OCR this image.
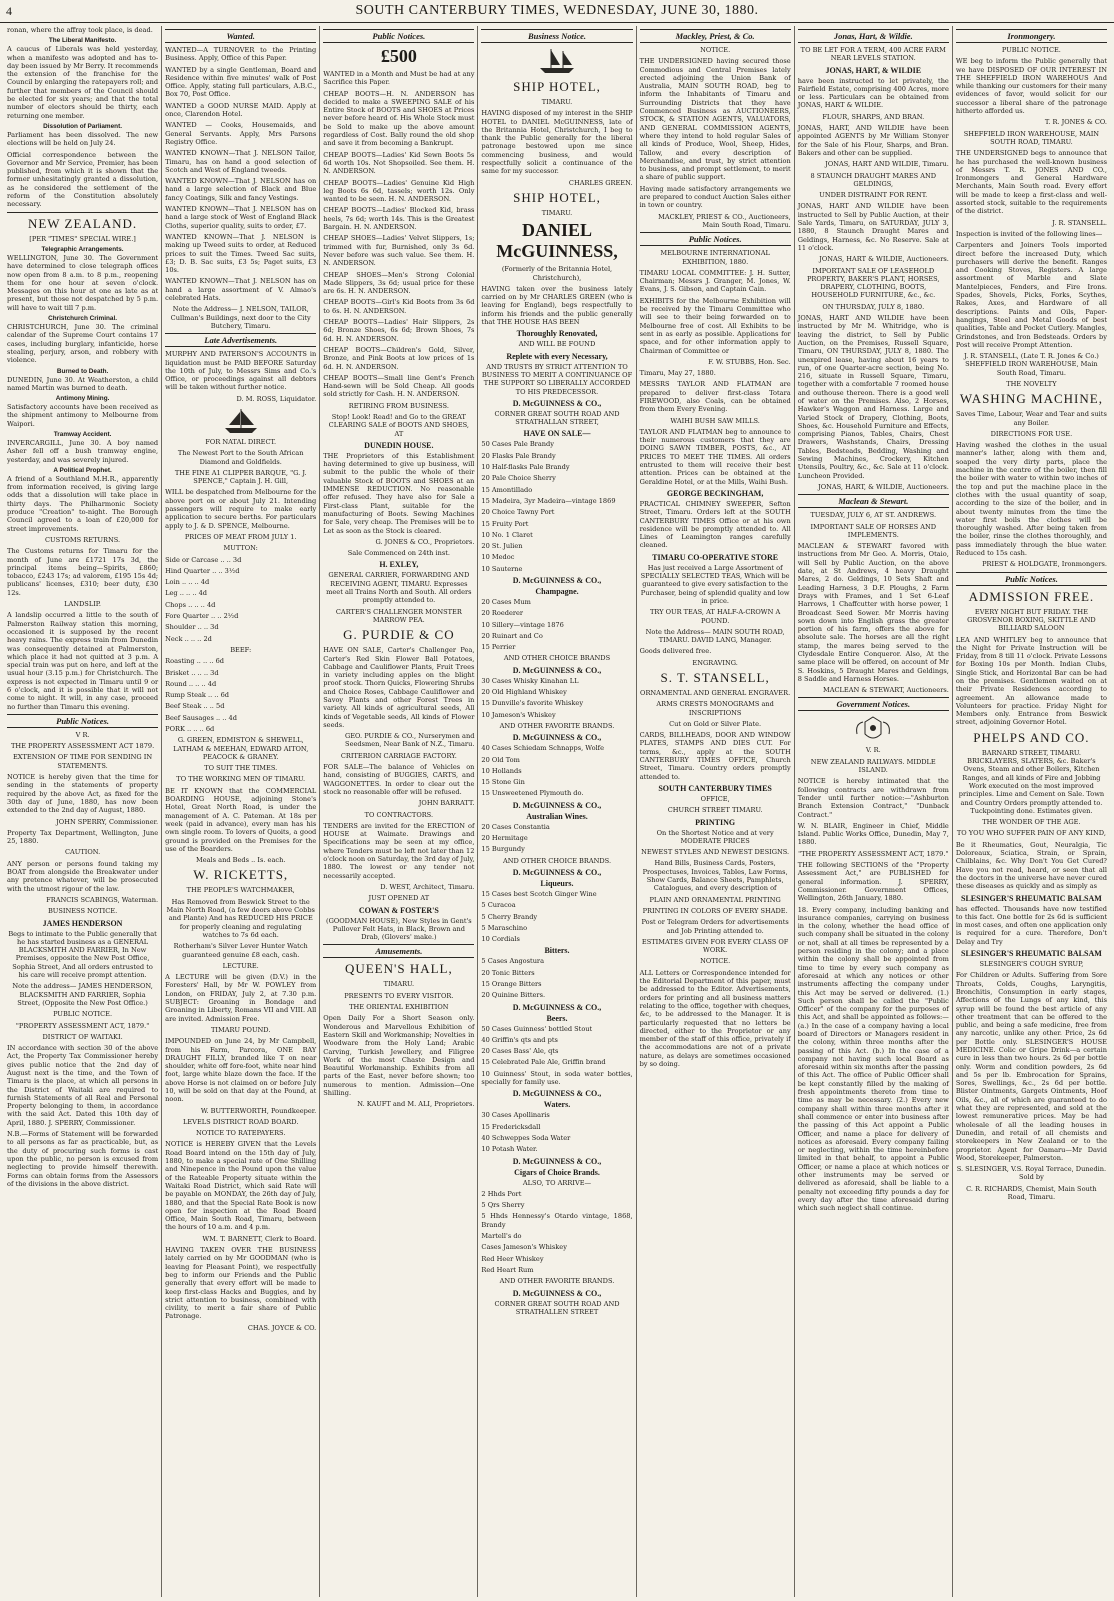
4	SOUTH CANTERBURY TIMES, WEDNESDAY, JUNE 30, 1880.

ronan, where the affray took place, is dead.

The Liberal Manifesto.

A caucus of Liberals was held yesterday, when a manifesto was adopted and has to-day been issued by Mr Berry. It recommends the extension of the franchise for the Council by enlarging the ratepayers roll; and further that members of the Council should be elected for six years; and that the total number of electors should be thirty, each returning one member.

Dissolution of Parliament.

Parliament has been dissolved. The new elections will be held on July 24.

Official correspondence between the Governor and Mr Service, Premier, has been published, from which it is shown that the former unhesitatingly granted a dissolution, as he considered the settlement of the reform of the Constitution absolutely necessary.

NEW ZEALAND.
[PER "TIMES" SPECIAL WIRE.]
Telegraphic Arrangements.

WELLINGTON, June 30. The Government have determined to close telegraph offices now open from 8 a.m. to 8 p.m., reopening them for one hour at seven o'clock. Messages on this hour at one as late as at present, but those not despatched by 5 p.m. will have to wait till 7 p.m.

Christchurch Criminal.

CHRISTCHURCH, June 30. The criminal calendar of the Supreme Court contains 17 cases, including burglary, infanticide, horse stealing, perjury, arson, and robbery with violence.

Burned to Death.

DUNEDIN, June 30. At Weatherston, a child named Martin was burned to death.

Antimony Mining.

Satisfactory accounts have been received as the shipment antimony to Melbourne from Waipori.

Tramway Accident.

INVERCARGILL, June 30. A boy named Asher fell off a bush tramway engine, yesterday, and was severely injured.

A Political Prophet.

A friend of a Southland M.H.R., apparently from information received, is giving large odds that a dissolution will take place in thirty days. The Philharmonic Society produce "Creation" to-night. The Borough Council agreed to a loan of £20,000 for street improvements.

CUSTOMS RETURNS.

The Customs returns for Timaru for the month of June are £1721 17s 3d, the principal items being—Spirits, £860; tobacco, £243 17s; ad valorem, £195 15s 4d; publicans' licenses, £310; beer duty, £30 12s.

LANDSLIP.

A landslip occurred a little to the south of Palmerston Railway station this morning, occasioned it is supposed by the recent heavy rains. The express train from Dunedin was consequently detained at Palmerston, which place it had not quitted at 3 p.m. A special train was put on here, and left at the usual hour (3.15 p.m.) for Christchurch. The express is not expected in Timaru until 9 or 6 o'clock, and it is possible that it will not come to night. It will, in any case, proceed no further than Timaru this evening.

Public Notices.
V R.
THE PROPERTY ASSESSMENT ACT 1879.
EXTENSION OF TIME FOR SENDING IN STATEMENTS.

NOTICE is hereby given that the time for sending in the statements of property required by the above Act, as fixed for the 30th day of June, 1880, has now been extended to the 2nd day of August, 1880.

JOHN SPERRY, Commissioner.

Property Tax Department, Wellington, June 25, 1880.

CAUTION.

ANY person or persons found taking my BOAT from alongside the Breakwater under any pretence whatever, will be prosecuted with the utmost rigour of the law.

FRANCIS SCABINGS, Waterman.

BUSINESS NOTICE.
JAMES HENDERSON

Begs to intimate to the Public generally that he has started business as a GENERAL BLACKSMITH AND FARRIER, In New Premises, opposite the New Post Office, Sophia Street, And all orders entrusted to his care will receive prompt attention.

Note the address— JAMES HENDERSON, BLACKSMITH AND FARRIER, Sophia Street, (Opposite the New Post Office.)

PUBLIC NOTICE.
"PROPERTY ASSESSMENT ACT, 1879."
DISTRICT OF WAITAKI.

IN accordance with section 30 of the above Act, the Property Tax Commissioner hereby gives public notice that the 2nd day of August next is the time, and the Town of Timaru is the place, at which all persons in the District of Waitaki are required to furnish Statements of all Real and Personal Property belonging to them, in accordance with the said Act. Dated this 10th day of April, 1880. J. SPERRY, Commissioner.

N.B.—Forms of Statement will be forwarded to all persons as far as practicable, but, as the duty of procuring such forms is cast upon the public, no person is excused from neglecting to provide himself therewith. Forms can obtain forms from the Assessors of the divisions in the above district.

Wanted.

WANTED—A TURNOVER to the Printing Business. Apply, Office of this Paper.

WANTED by a single Gentleman, Board and Residence within five minutes' walk of Post Office. Apply, stating full particulars, A.B.C., Box 70, Post Office.

WANTED a GOOD NURSE MAID. Apply at once, Clarendon Hotel.

WANTED — Cooks, Housemaids, and General Servants. Apply, Mrs Parsons Registry Office.

WANTED KNOWN—That J. NELSON Tailor, Timaru, has on hand a good selection of Scotch and West of England tweeds.

WANTED KNOWN—That J. NELSON has on hand a large selection of Black and Blue fancy Coatings, Silk and fancy Vestings.

WANTED KNOWN—That J. NELSON has on hand a large stock of West of England Black Cloths, superior quality, suits to order, £7.

WANTED KNOWN—That J. NELSON is making up Tweed suits to order, at Reduced prices to suit the Times. Tweed Sac suits, £3; D. B. Sac suits, £3 5s; Paget suits, £3 10s.

WANTED KNOWN—That J. NELSON has on hand a large assortment of V. Almao's celebrated Hats.

Note the Address— J. NELSON, TAILOR, Cullman's Buildings, next door to the City Butchery, Timaru.

Late Advertisements.

MURPHY AND PATERSON'S ACCOUNTS in liquidation must be PAID BEFORE Saturday the 10th of July, to Messrs Sims and Co.'s Office, or proceedings against all debtors will be taken without further notice.

D. M. ROSS, Liquidator.

FOR NATAL DIRECT.

The Newest Port to the South African Diamond and Goldfields.

THE FINE A1 CLIPPER BARQUE, "G. J. SPENCE," Captain J. H. Gill,

WILL be despatched from Melbourne for the above port on or about July 21. Intending passengers will require to make early application to secure berths. For particulars apply to J. & D. SPENCE, Melbourne.

PRICES OF MEAT FROM JULY 1.
MUTTON:
Side or Carcase .. .. 3d
Hind Quarter .. .. 3½d
Loin .. .. .. 4d
Leg .. .. .. 4d
Chops .. .. .. 4d
Fore Quarter .. .. 2½d
Shoulder .. .. 3d
Neck .. .. .. 2d
BEEF:
Roasting .. .. .. 6d
Brisket .. .. .. 3d
Round .. .. .. 4d
Rump Steak .. .. 6d
Beef Steak .. .. 5d
Beef Sausages .. .. 4d
PORK .. .. .. 6d

G. GREEN, EDMISTON & SHEWELL, LATHAM & MEEHAN, EDWARD AITON, PEACOCK & GRANEY.

TO SUIT THE TIMES.
TO THE WORKING MEN OF TIMARU.

BE IT KNOWN that the COMMERCIAL BOARDING HOUSE, adjoining Stone's Hotel, Great North Road, is under the management of A. C. Pateman. At 18s per week (paid in advance), every man has his own single room. To lovers of Quoits, a good ground is provided on the Premises for the use of the Boarders.

Meals and Beds .. Is. each.

W. RICKETTS,
THE PEOPLE'S WATCHMAKER,

Has Removed from Beswick Street to the Main North Road, (a few doors above Cobbs and Plante) And has REDUCED HIS PRICE for properly cleaning and regulating watches to 7s 6d each.

Rotherham's Silver Lever Hunter Watch guaranteed genuine £8 each, cash.

LECTURE.

A LECTURE will be given (D.V.) in the Foresters' Hall, by Mr W. POWLEY from London, on FRIDAY, July 2, at 7.30 p.m. SUBJECT: Groaning in Bondage and Groaning in Liberty, Romans VII and VIII. All are invited. Admission Free.

TIMARU POUND.

IMPOUNDED on June 24, by Mr Campbell, from his Farm, Parcora, ONE BAY DRAUGHT FILLY, branded like T on near shoulder, white off fore-foot, white near hind foot, large white blaze down the face. If the above Horse is not claimed on or before July 10, will be sold on that day at the Pound, at noon.

W. BUTTERWORTH, Poundkeeper.

LEVELS DISTRICT ROAD BOARD.
NOTICE TO RATEPAYERS.

NOTICE is HEREBY GIVEN that the Levels Road Board intend on the 15th day of July, 1880, to make a special rate of One Shilling and Ninepence in the Pound upon the value of the Rateable Property situate within the Waitaki Road District, which said Rate will be payable on MONDAY, the 26th day of July, 1880, and that the Special Rate Book is now open for inspection at the Road Board Office, Main South Road, Timaru, between the hours of 10 a.m. and 4 p.m.

WM. T. BARNETT, Clerk to Board.

HAVING TAKEN OVER THE BUSINESS lately carried on by Mr GOODMAN (who is leaving for Pleasant Point), we respectfully beg to inform our Friends and the Public generally that every effort will be made to keep first-class Hacks and Buggies, and by strict attention to business, combined with civility, to merit a fair share of Public Patronage.

CHAS. JOYCE & CO.

Public Notices.
£500

WANTED in a Month and Must be had at any Sacrifice this Paper.

CHEAP BOOTS—H. N. ANDERSON has decided to make a SWEEPING SALE of his Entire Stock of BOOTS and SHOES at Prices never before heard of. His Whole Stock must be Sold to make up the above amount regardless of Cost. Bally round the old shop and save it from becoming a Bankrupt.

CHEAP BOOTS—Ladies' Kid Sewn Boots 5s 6d worth 10s. Not Shopsoiled. See them. H. N. ANDERSON.

CHEAP BOOTS—Ladies' Genuine Kid High leg Boots 6s 6d, tassels; worth 12s. Only wanted to be seen. H. N. ANDERSON.

CHEAP BOOTS—Ladies' Blocked Kid, brass heels, 7s 6d; worth 14s. This is the Greatest Bargain. H. N. ANDERSON.

CHEAP SHOES—Ladies' Velvet Slippers, 1s; trimmed with fur, Burnished, only 3s 6d. Never before was such value. See them. H. N. ANDERSON.

CHEAP SHOES—Men's Strong Colonial Made Slippers, 3s 6d; usual price for these are 6s. H. N. ANDERSON.

CHEAP BOOTS—Girl's Kid Boots from 3s 6d to 6s. H. N. ANDERSON.

CHEAP BOOTS—Ladies' Hair Slippers, 2s 6d; Bronze Shoes, 6s 6d; Brown Shoes, 7s 6d. H. N. ANDERSON.

CHEAP BOOTS—Children's Gold, Silver, Bronze, and Pink Boots at low prices of 1s 6d. H. N. ANDERSON.

CHEAP BOOTS—Small line Gent's French Hand-sewn will be Sold Cheap. All goods sold strictly for Cash. H. N. ANDERSON.

RETIRING FROM BUSINESS.

Stop! Look! Read! and Go to the GREAT CLEARING SALE of BOOTS AND SHOES, AT

DUNEDIN HOUSE.

THE Proprietors of this Establishment having determined to give up business, will submit to the public the whole of their valuable Stock of BOOTS and SHOES at an IMMENSE REDUCTION. No reasonable offer refused. They have also for Sale a First-class Plant, suitable for the manufacturing of Boots. Sewing Machines for Sale, very cheap. The Premises will be to Let as soon as the Stock is cleared.

G. JONES & CO., Proprietors.

Sale Commenced on 24th inst.

H. EXLEY,

GENERAL CARRIER, FORWARDING AND RECEIVING AGENT, TIMARU. Expresses meet all Trains North and South. All orders promptly attended to.

CARTER'S CHALLENGER MONSTER MARROW PEA.
G. PURDIE & CO

HAVE ON SALE, Carter's Challenger Pea, Carter's Red Skin Flower Ball Potatoes, Cabbage and Cauliflower Plants, Fruit Trees in variety including apples on the blight proof stock. Thorn Quicks, Flowering Shrubs and Choice Roses, Cabbage Cauliflower and Savoy Plants and other Forest Trees in variety. All kinds of agricultural seeds, All kinds of Vegetable seeds, All kinds of Flower seeds.

GEO. PURDIE & CO., Nurserymen and Seedsmen, Near Bank of N.Z., Timaru.

CRITERION CARRIAGE FACTORY.

FOR SALE—The balance of Vehicles on hand, consisting of BUGGIES, CARTS, and WAGGONETTES. In order to clear out the stock no reasonable offer will be refused.

JOHN BARRATT.

TO CONTRACTORS.

TENDERS are invited for the ERECTION of HOUSE at Waimate. Drawings and Specifications may be seen at my office, where Tenders must be left not later than 12 o'clock noon on Saturday, the 3rd day of July, 1880. The lowest or any tender not necessarily accepted.

D. WEST, Architect, Timaru.

JUST OPENED AT
COWAN & FOSTER'S

(GOODMAN HOUSE), New Styles in Gent's Pullover Felt Hats, in Black, Brown and Drab, (Glovers' make.)

Amusements.
QUEEN'S HALL,
TIMARU.
PRESENTS TO EVERY VISITOR.
THE ORIENTAL EXHIBITION

Open Daily For a Short Season only. Wonderous and Marvellous Exhibition of Eastern Skill and Workmanship; Novelties in Woodware from the Holy Land; Arabic Carving, Turkish Jewellery, and Filigree Work of the most Chaste Design and Beautiful Workmanship. Exhibits from all parts of the East, never before shown; too numerous to mention. Admission—One Shilling.

N. KAUFT and M. ALI, Proprietors.

Business Notice.
SHIP HOTEL,
TIMARU.

HAVING disposed of my interest in the SHIP HOTEL to DANIEL McGUINNESS, late of the Britannia Hotel, Christchurch, I beg to thank the Public generally for the liberal patronage bestowed upon me since commencing business, and would respectfully solicit a continuance of the same for my successor.

CHARLES GREEN.

SHIP HOTEL,
TIMARU.
DANIEL McGUINNESS,

(Formerly of the Britannia Hotel, Christchurch),

HAVING taken over the business lately carried on by Mr CHARLES GREEN (who is leaving for England), begs respectfully to inform his friends and the public generally that THE HOUSE HAS BEEN

Thoroughly Renovated,
AND WILL BE FOUND
Replete with every Necessary,

AND TRUSTS BY STRICT ATTENTION TO BUSINESS TO MERIT A CONTINUANCE OF THE SUPPORT SO LIBERALLY ACCORDED TO HIS PREDECESSOR.

D. McGUINNESS & CO.,

CORNER GREAT SOUTH ROAD AND STRATHALLAN STREET,

HAVE ON SALE—
50 Cases Pale Brandy
20 Flasks Pale Brandy
10 Half-flasks Pale Brandy
20 Pale Choice Sherry
15 Amontillado
15 Madeira, 3yr Madeira—vintage 1869
20 Choice Tawny Port
15 Fruity Port
10 No. 1 Claret
20 St. Julien
10 Medoc
10 Sauterne
D. McGUINNESS & CO.,
Champagne.
20 Cases Mum
20 Roederer
10 Sillery—vintage 1876
20 Ruinart and Co
15 Perrier
AND OTHER CHOICE BRANDS
D. McGUINNESS & CO.,
30 Cases Whisky Kinahan LL
20 Old Highland Whiskey
15 Dunville's favorite Whiskey
10 Jameson's Whiskey
AND OTHER FAVORITE BRANDS.
D. McGUINNESS & CO.,
40 Cases Schiedam Schnapps, Wolfe
20 Old Tom
10 Hollands
15 Stone Gin
15 Unsweetened Plymouth do.
D. McGUINNESS & CO.,
Australian Wines.
20 Cases Constantia
20 Hermitage
15 Burgundy
AND OTHER CHOICE BRANDS.
D. McGUINNESS & CO.,
Liqueurs.
15 Cases best Scotch Ginger Wine
5 Curacoa
5 Cherry Brandy
5 Maraschino
10 Cordials
Bitters.
5 Cases Angostura
20 Tonic Bitters
15 Orange Bitters
20 Quinine Bitters.
D. McGUINNESS & CO.,
Beers.
50 Cases Guinness' bottled Stout
40 Griffin's qts and pts
20 Cases Bass' Ale, qts
15 Celebrated Pale Ale, Griffin brand
10 Guinness' Stout, in soda water bottles, specially for family use.
D. McGUINNESS & CO.,
Waters.
30 Cases Apollinaris
15 Fredericksdall
40 Schweppes Soda Water
10 Potash Water.
D. McGUINNESS & CO.,
Cigars of Choice Brands.
ALSO, TO ARRIVE—
2 Hhds Port
5 Qrs Sherry
5 Hhds Hennessy's Otardo vintage, 1868, Brandy
Martell's do
Cases Jameson's Whiskey
Red Heer Whiskey
Red Heart Rum
AND OTHER FAVORITE BRANDS.
D. McGUINNESS & CO.,
CORNER GREAT SOUTH ROAD AND STRATHALLEN STREET
Mackley, Priest, & Co.
NOTICE.

THE UNDERSIGNED having secured those Commodious and Central Premises lately erected adjoining the Union Bank of Australia, MAIN SOUTH ROAD, beg to inform the Inhabitants of Timaru and Surrounding Districts that they have Commenced Business as AUCTIONEERS, STOCK, & STATION AGENTS, VALUATORS, AND GENERAL COMMISSION AGENTS, where they intend to hold regular Sales of all kinds of Produce, Wool, Sheep, Hides, Tallow, and every description of Merchandise, and trust, by strict attention to business, and prompt settlement, to merit a share of public support.

Having made satisfactory arrangements we are prepared to conduct Auction Sales either in town or country.

MACKLEY, PRIEST & CO., Auctioneers, Main South Road, Timaru.

Public Notices.
MELBOURNE INTERNATIONAL EXHIBITION, 1880.

TIMARU LOCAL COMMITTEE: J. H. Sutter, Chairman; Messrs J. Granger, M. Jones, W. Evans, J. S. Gibson, and Captain Cain.

EXHIBITS for the Melbourne Exhibition will be received by the Timaru Committee who will see to their being forwarded on to Melbourne free of cost. All Exhibits to be sent in as early as possible. Applications for space, and for other information apply to Chairman of Committee or

F. W. STUBBS, Hon. Sec.

Timaru, May 27, 1880.

MESSRS TAYLOR AND FLATMAN are prepared to deliver first-class Totara FIREWOOD, also Coals, can be obtained from them Every Evening.

WAIHI BUSH SAW MILLS.

TAYLOR AND FLATMAN beg to announce to their numerous customers that they are DOING SAWN TIMBER, POSTS, &c., AT PRICES TO MEET THE TIMES. All orders entrusted to them will receive their best attention. Prices can be obtained at the Geraldine Hotel, or at the Mills, Waihi Bush.

GEORGE BECKINGHAM,

PRACTICAL CHIMNEY SWEEPER, Sefton Street, Timaru. Orders left at the SOUTH CANTERBURY TIMES Office or at his own residence will be promptly attended to. All Lines of Leamington ranges carefully cleaned.

TIMARU CO-OPERATIVE STORE

Has just received a Large Assortment of SPECIALLY SELECTED TEAS, Which will be guaranteed to give every satisfaction to the Purchaser, being of splendid quality and low in price.

TRY OUR TEAS, AT HALF-A-CROWN A POUND.

Note the Address— MAIN SOUTH ROAD, TIMARU. DAVID LANG, Manager.

Goods delivered free.

ENGRAVING.
S. T. STANSELL,

ORNAMENTAL AND GENERAL ENGRAVER.

ARMS CRESTS MONOGRAMS and INSCRIPTIONS

Cut on Gold or Silver Plate.

CARDS, BILLHEADS, DOOR AND WINDOW PLATES, STAMPS AND DIES CUT. For terms, &c., apply at the SOUTH CANTERBURY TIMES OFFICE, Church Street, Timaru. Country orders promptly attended to.

SOUTH CANTERBURY TIMES
OFFICE,
CHURCH STREET TIMARU.
PRINTING

On the Shortest Notice and at very MODERATE PRICES

NEWEST STYLES AND NEWEST DESIGNS.

Hand Bills, Business Cards, Posters, Prospectuses, Invoices, Tables, Law Forms, Show Cards, Balance Sheets, Pamphlets, Catalogues, and every description of

PLAIN AND ORNAMENTAL PRINTING

PRINTING IN COLORS OF EVERY SHADE.

Post or Telegram Orders for advertisements and Job Printing attended to.

ESTIMATES GIVEN FOR EVERY CLASS OF WORK.

NOTICE.

ALL Letters or Correspondence intended for the Editorial Department of this paper, must be addressed to the Editor. Advertisements, orders for printing and all business matters relating to the office, together with cheques, &c, to be addressed to the Manager. It is particularly requested that no letters be directed, either to the Proprietor or any member of the staff of this office, privately if the accommodations are not of a private nature, as delays are sometimes occasioned by so doing.

Jonas, Hart, & Wildie.

TO BE LET FOR A TERM, 400 ACRE FARM NEAR LEVELS STATION.

JONAS, HART, & WILDIE

have been instructed to let privately, the Fairfield Estate, comprising 400 Acres, more or less. Particulars can be obtained from JONAS, HART & WILDIE.

FLOUR, SHARPS, AND BRAN.

JONAS, HART, AND WILDIE have been appointed AGENTS by Mr William Stonyer for the Sale of his Flour, Sharps, and Bran. Bakers and other can be supplied.

JONAS, HART AND WILDIE, Timaru.

8 STAUNCH DRAUGHT MARES AND GELDINGS,
UNDER DISTRAINT FOR RENT.

JONAS, HART AND WILDIE have been instructed to Sell by Public Auction, at their Sale Yards, Timaru, on SATURDAY, JULY 3, 1880, 8 Staunch Draught Mares and Geldings, Harness, &c. No Reserve. Sale at 11 o'clock.

JONAS, HART & WILDIE, Auctioneers.

IMPORTANT SALE OF LEASEHOLD PROPERTY, BAKER'S PLANT, HORSES, DRAPERY, CLOTHING, BOOTS, HOUSEHOLD FURNITURE, &c., &c.
ON THURSDAY, JULY 8, 1880.

JONAS, HART AND WILDIE have been instructed by Mr M. Whitridge, who is leaving the district, to Sell by Public Auction, on the Premises, Russell Square, Timaru, ON THURSDAY, JULY 8, 1880. The unexpired lease, having about 16 years to run, of one Quarter-acre section, being No. 216, situate in Russell Square, Timaru, together with a comfortable 7 roomed house and outhouse thereon. There is a good well of water on the Premises. Also, 2 Horses, Hawker's Waggon and Harness. Large and Varied Stock of Drapery, Clothing, Boots, Shoes, &c. Household Furniture and Effects, comprising Pianos, Tables, Chairs, Chest Drawers, Washstands, Chairs, Dressing Tables, Bedsteads, Bedding, Washing and Sewing Machines, Crockery, Kitchen Utensils, Poultry, &c., &c. Sale at 11 o'clock. Luncheon Provided.

JONAS, HART, & WILDIE, Auctioneers.

Maclean & Stewart.
TUESDAY, JULY 6, AT ST. ANDREWS.
IMPORTANT SALE OF HORSES AND IMPLEMENTS.

MACLEAN & STEWART favored with instructions from Mr Geo. A. Morris, Otaio, will Sell by Public Auction, on the above date, at St Andrews, 4 heavy Draught Mares, 2 do. Geldings, 10 Sets Shaft and Leading Harness, 3 D.F. Ploughs, 2 Farm Drays with Frames, and 1 Set 6-Leaf Harrows, 1 Chaffcutter with horse power, 1 Broadcast Seed Sower. Mr Morris having sown down into English grass the greater portion of his farm, offers the above for absolute sale. The horses are all the right stamp, the mares being served to the Clydesdale Entire Conqueror. Also, At the same place will be offered, on account of Mr S. Hoskins, 5 Draught Mares and Geldings, 8 Saddle and Harness Horses.

MACLEAN & STEWART, Auctioneers.

Government Notices.
V. R.
NEW ZEALAND RAILWAYS. MIDDLE ISLAND.

NOTICE is hereby intimated that the following contracts are withdrawn from Tender until further notice:—"Ashburton Branch Extension Contract," "Dunback Contract."

W. N. BLAIR, Engineer in Chief, Middle Island. Public Works Office, Dunedin, May 7, 1880.

"THE PROPERTY ASSESSMENT ACT, 1879."

THE following SECTIONS of the "Property Assessment Act," are PUBLISHED for general information. J. SPERRY, Commissioner. Government Offices, Wellington, 26th January, 1880.

18. Every company, including banking and insurance companies, carrying on business in the colony, whether the head office of such company shall be situated in the colony or not, shall at all times be represented by a person residing in the colony; and a place within the colony shall be appointed from time to time by every such company as aforesaid at which any notices or other instruments affecting the company under this Act may be served or delivered. (1.) Such person shall be called the "Public Officer" of the company for the purposes of this Act, and shall be appointed as follows:— (a.) In the case of a company having a local board of Directors or Managers resident in the colony, within three months after the passing of this Act. (b.) In the case of a company not having such local Board as aforesaid within six months after the passing of this Act. The office of Public Officer shall be kept constantly filled by the making of fresh appointments thereto from time to time as may be necessary. (2.) Every new company shall within three months after it shall commence or enter into business after the passing of this Act appoint a Public Officer, and name a place for delivery of notices as aforesaid. Every company failing or neglecting, within the time hereinbefore limited in that behalf, to appoint a Public Officer, or name a place at which notices or other instruments may be served or delivered as aforesaid, shall be liable to a penalty not exceeding fifty pounds a day for every day after the time aforesaid during which such neglect shall continue.

Ironmongery.
PUBLIC NOTICE.

WE beg to inform the Public generally that we have DISPOSED OF OUR INTEREST IN THE SHEFFIELD IRON WAREHOUS And while thanking our customers for their many evidences of favor, would solicit for our successor a liberal share of the patronage hitherto afforded us.

T. R. JONES & CO.

SHEFFIELD IRON WAREHOUSE, MAIN SOUTH ROAD, TIMARU.

THE UNDERSIGNED begs to announce that he has purchased the well-known business of Messrs T. R. JONES AND CO., Ironmongers and General Hardware Merchants, Main South road. Every effort will be made to keep a first-class and well-assorted stock, suitable to the requirements of the district.

J. R. STANSELL.

Inspection is invited of the following lines—

Carpenters and Joiners Tools imported direct before the increased Duty, which purchasers will derive the benefit. Ranges and Cooking Stoves, Registers. A large assortment of Marble and Slate Mantelpieces, Fenders, and Fire Irons. Spades, Shovels, Picks, Forks, Scythes, Rakes, Axes, and Hardware of all descriptions. Paints and Oils, Paper-hangings, Steel and Metal Goods of best qualities, Table and Pocket Cutlery. Mangles, Grindstones, and Iron Bedsteads. Orders by Post will receive Prompt Attention.

J. R. STANSELL, (Late T. R. Jones & Co.) SHEFFIELD IRON WAREHOUSE, Main South Road, Timaru.

THE NOVELTY
WASHING MACHINE,

Saves Time, Labour, Wear and Tear and suits any Boiler.

DIRECTIONS FOR USE.

Having washed the clothes in the usual manner's lather, along with them and, soaped the very dirty parts, place the machine in the centre of the boiler, then fill the boiler with water to within two inches of the top and put the machine place in the clothes with the usual quantity of soap, according to the size of the boiler, and in about twenty minutes from the time the water first boils the clothes will be thoroughly washed. After being taken from the boiler, rinse the clothes thoroughly, and pass immediately through the blue water. Reduced to 15s cash.

PRIEST & HOLDGATE, Ironmongers.

Public Notices.
ADMISSION FREE.

EVERY NIGHT BUT FRIDAY. THE GROSVENOR BOXING, SKITTLE AND BILLIARD SALOON

LEA AND WHITLEY beg to announce that the Night for Private Instruction will be Friday, from 8 till 11 o'clock. Private Lessons for Boxing 10s per Month. Indian Clubs, Single Stick, and Horizontal Bar can be had on the premises. Gentlemen waited on at their Private Residences according to agreement. An allowance made to Volunteers for practice. Friday Night for Members only. Entrance from Beswick street, adjoining Governor Hotel.

PHELPS AND CO.

BARNARD STREET, TIMARU. BRICKLAYERS, SLATERS, &c. Baker's Ovens, Steam and other Boilers, Kitchen Ranges, and all kinds of Fire and Jobbing Work executed on the most improved principles. Lime and Cement on Sale. Town and Country Orders promptly attended to. Tuckpointing done. Estimates given.

THE WONDER OF THE AGE.
TO YOU WHO SUFFER PAIN OF ANY KIND,

Be it Rheumatics, Gout, Neuralgia, Tic Doloreaux, Sciatica, Strain, or Sprain, Chilblains, &c. Why Don't You Get Cured? Have you not read, heard, or seen that all the doctors in the universe have never cured these diseases as quickly and as simply as

SLESINGER'S RHEUMATIC BALSAM

has effected. Thousands have now testified to this fact. One bottle for 2s 6d is sufficient in most cases, and often one application only is required for a cure. Therefore, Don't Delay and Try

SLESINGER'S RHEUMATIC BALSAM
SLESINGER'S COUGH SYRUP,

For Children or Adults. Suffering from Sore Throats, Colds, Coughs, Laryngitis, Bronchitis, Consumption in early stages, Affections of the Lungs of any kind, this syrup will be found the best article of any other treatment that can be offered to the public, and being a safe medicine, free from any narcotic, unlike any other. Price, 2s 6d per Bottle only. SLESINGER'S HOUSE MEDICINE. Colic or Gripe Drink—a certain cure in less than two hours. 2s 6d per bottle only. Worm and condition powders, 2s 6d and 5s per lb. Embrocation for Sprains, Sores, Swellings, &c., 2s 6d per bottle. Blister Ointments, Gargets Ointments, Hoof Oils, &c., all of which are guaranteed to do what they are represented, and sold at the lowest remunerative prices. May be had wholesale of all the leading houses in Dunedin, and retail of all chemists and storekeepers in New Zealand or to the proprietor. Agent for Oamaru—Mr David Wood, Storekeeper, Palmerston.

S. SLESINGER, V.S. Royal Terrace, Dunedin. Sold by

C. R. RICHARDS, Chemist, Main South Road, Timaru.
